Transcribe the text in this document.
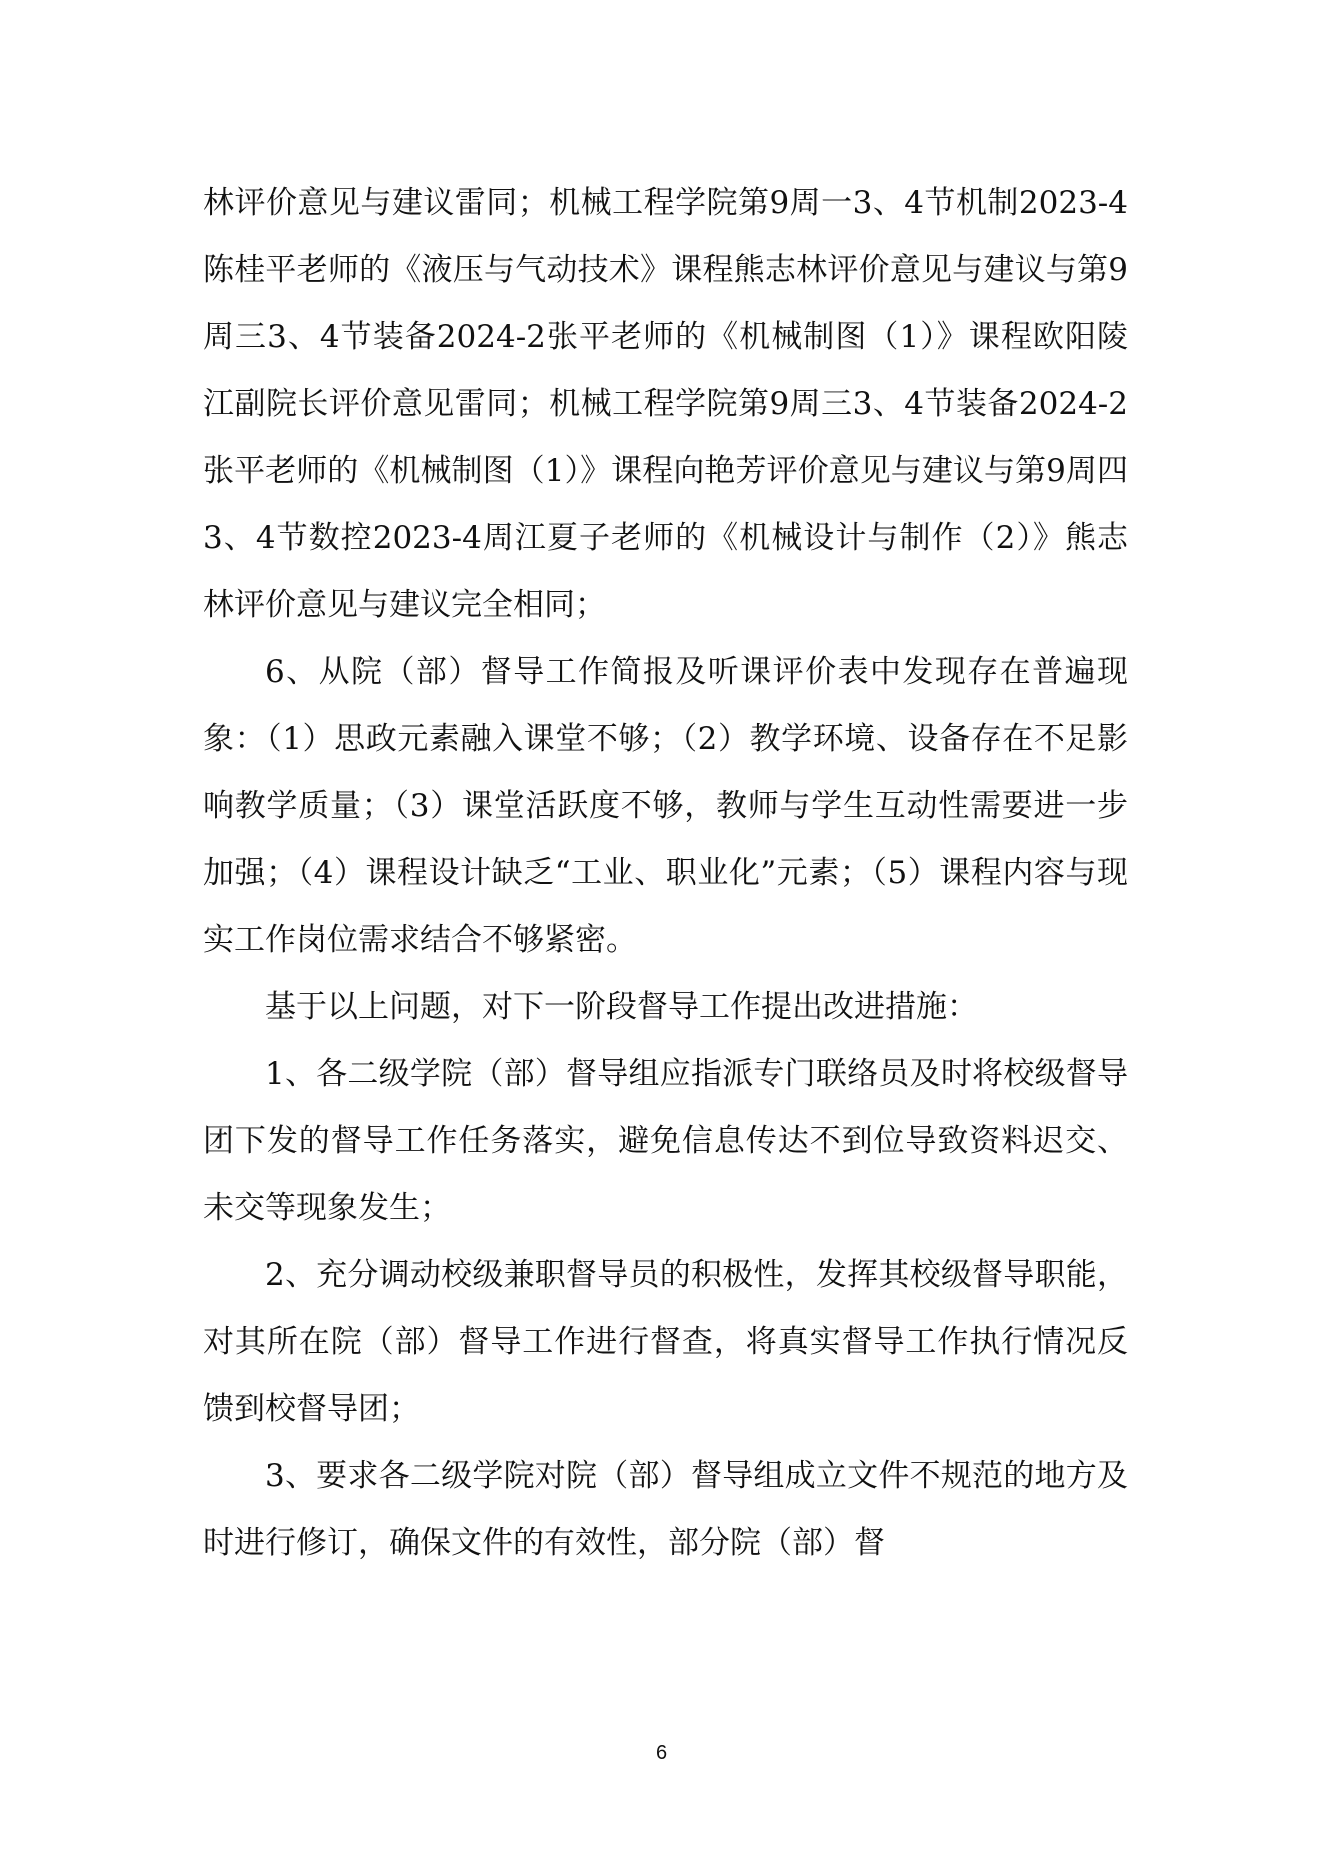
林评价意见与建议雷同；机械工程学院第9周一3、4节机制2023-4陈桂平老师的《液压与气动技术》课程熊志林评价意见与建议与第9周三3、4节装备2024-2张平老师的《机械制图（1）》课程欧阳陵江副院长评价意见雷同；机械工程学院第9周三3、4节装备2024-2张平老师的《机械制图（1）》课程向艳芳评价意见与建议与第9周四3、4节数控2023-4周江夏子老师的《机械设计与制作（2）》熊志林评价意见与建议完全相同；

6、从院（部）督导工作简报及听课评价表中发现存在普遍现象：（1）思政元素融入课堂不够；（2）教学环境、设备存在不足影响教学质量；（3）课堂活跃度不够，教师与学生互动性需要进一步加强；（4）课程设计缺乏“工业、职业化”元素；（5）课程内容与现实工作岗位需求结合不够紧密。

基于以上问题，对下一阶段督导工作提出改进措施：

1、各二级学院（部）督导组应指派专门联络员及时将校级督导团下发的督导工作任务落实，避免信息传达不到位导致资料迟交、未交等现象发生；

2、充分调动校级兼职督导员的积极性，发挥其校级督导职能，对其所在院（部）督导工作进行督查，将真实督导工作执行情况反馈到校督导团；

3、要求各二级学院对院（部）督导组成立文件不规范的地方及时进行修订，确保文件的有效性，部分院（部）督

6
